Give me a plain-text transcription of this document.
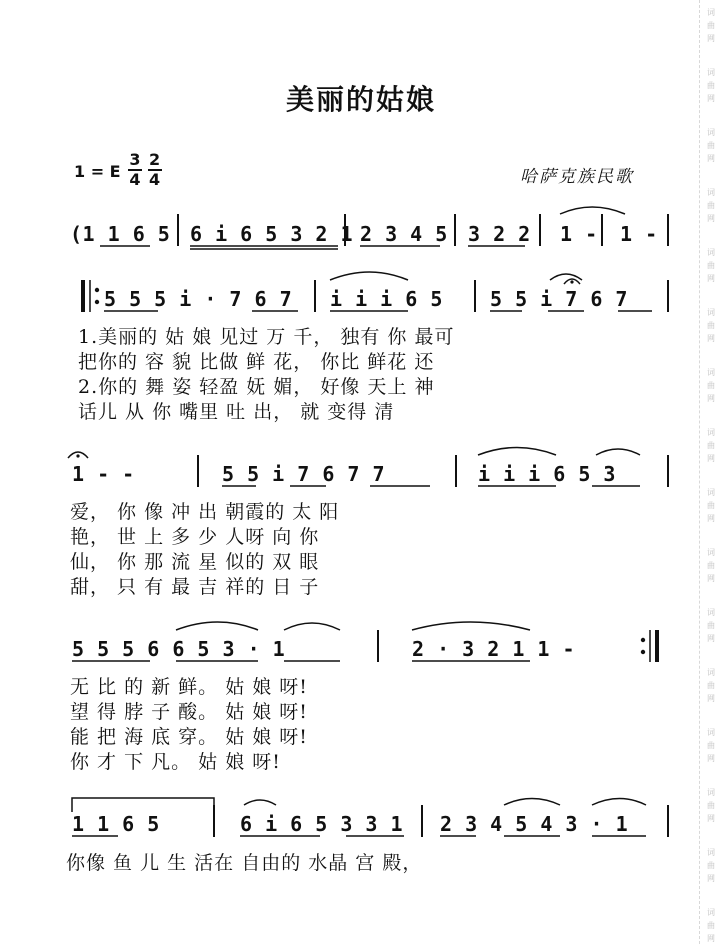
词
曲
网
词
曲
网
词
曲
网
词
曲
网
词
曲
网
词
曲
网
词
曲
网
词
曲
网
词
曲
网
词
曲
网
词
曲
网
词
曲
网
词
曲
网
词
曲
网
词
曲
网
词
曲
网
美丽的姑娘
1 = E $\frac{3}{4} \frac{2}{4}$	哈萨克族民歌
(1 1 6 5 6 i 6 5 3 2 1 2 3 4 5 3 2 2 1 - 1 -
5 5 5 i · 7 6 7 i i i 6 5 5 5 i 7 6 7
1.美丽的 姑 娘 见过 万 千， 独有 你 最可
把你的 容 貌 比做 鲜 花， 你比 鲜花 还
2.你的 舞 姿 轻盈 妩 媚， 好像 天上 神
话儿 从 你 嘴里 吐 出， 就 变得 清
1 - -	5 5 i 7 6 7 7	i i i 6 5 3
爱， 你 像 冲 出 朝霞的 太 阳
艳， 世 上 多 少 人呀 向 你
仙， 你 那 流 星 似的 双 眼
甜， 只 有 最 吉 祥的 日 子
5 5 5 6 6 5 3 · 1	2 · 3 2 1 1 -
无 比 的 新 鲜。 姑 娘 呀!
望 得 脖 子 酸。 姑 娘 呀!
能 把 海 底 穿。 姑 娘 呀!
你 才 下 凡。 姑 娘 呀!
1 1 6 5	6 i 6 5 3 3 1 2 3 4 5 4 3 · 1
你像 鱼 儿 生 活在 自由的 水晶 宫 殿，
